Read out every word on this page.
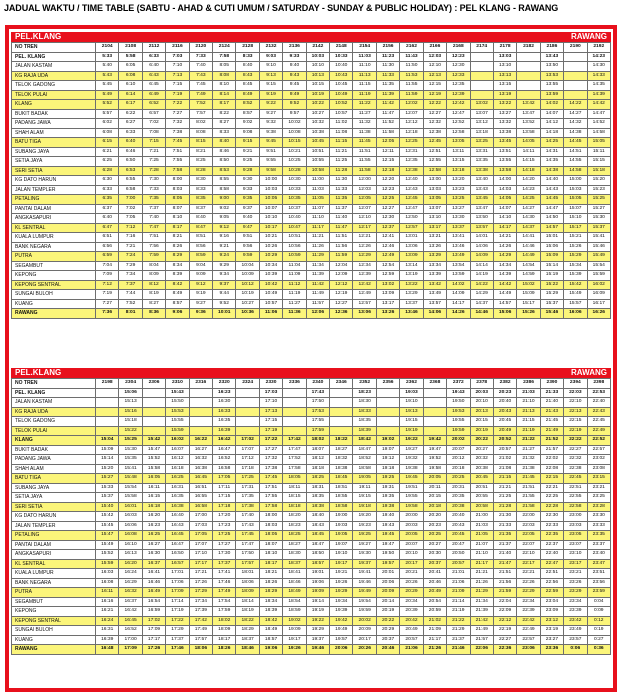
JADUAL WAKTU / TIME TABLE (SABTU - AHAD & CUTI UMUM / SATURDAY - SUNDAY & PUBLIC HOLIDAY) : PEL KLANG - RAWANG
PEL.KLANG	RAWANG
NO TREN	2104	2108	2112	2116	2120	2124	2128	2132	2136	2142	2148	2154	2156	2162	2166	2168	2174	2178	2182	2186	2190	2192
PEL. KLANG	5:33	5:58	6:33	7:03	7:33	7:58	8:33	9:03	9:33	10:03	10:33	11:03	11:23	11:43	12:03	12:23		13:03		13:43		14:23
JALAN KASTAM	5:40	6:05	6:40	7:10	7:40	8:05	8:40	9:10	9:40	10:10	10:40	11:10	11:30	11:50	12:10	12:30		13:10		13:50		14:30
KG RAJA UDA	5:43	6:08	6:43	7:13	7:43	8:08	8:43	9:13	9:43	10:13	10:43	11:13	11:33	11:53	12:13	12:33		13:13		13:53		14:33
TELOK GADONG	5:45	6:10	6:45	7:15	7:45	8:10	8:45	9:15	9:45	10:15	10:45	11:15	11:35	11:55	12:15	12:35		13:15		13:55		14:35
TELOK PULAI	5:49	6:14	6:49	7:19	7:49	8:14	8:49	9:19	9:49	10:19	10:49	11:19	11:39	11:59	12:19	12:39		13:19		13:59		14:39
KLANG	5:52	6:17	6:52	7:22	7:52	8:17	8:52	9:22	9:52	10:22	10:52	11:22	11:42	12:02	12:22	12:42	13:02	13:22	13:42	14:02	14:22	14:42
BUKIT BADAK	5:57	6:22	6:57	7:27	7:57	8:22	8:57	9:27	9:57	10:27	10:57	11:27	11:47	12:07	12:27	12:47	13:07	13:27	13:47	14:07	14:27	14:47
PADANG JAWA	6:02	6:27	7:02	7:32	8:02	8:27	9:02	9:32	10:02	10:32	11:02	11:32	11:52	12:12	12:32	12:52	13:12	13:32	13:52	14:12	14:32	14:52
SHAH ALAM	6:08	6:33	7:08	7:38	8:08	8:33	9:08	9:38	10:08	10:38	11:08	11:38	11:58	12:18	12:38	12:58	13:18	13:38	13:58	14:18	14:38	14:58
BATU TIGA	6:15	6:40	7:15	7:45	8:15	8:40	9:15	9:45	10:15	10:45	11:15	11:45	12:05	12:25	12:45	13:05	13:25	13:45	14:05	14:25	14:45	15:05
SUBANG JAYA	6:21	6:46	7:21	7:51	8:21	8:46	9:21	9:51	10:21	10:51	11:21	11:51	12:11	12:31	12:51	13:11	13:31	13:51	14:11	14:31	14:51	15:11
SETIA JAYA	6:25	6:50	7:25	7:55	8:25	8:50	9:25	9:55	10:25	10:55	11:25	11:55	12:15	12:35	12:55	13:15	13:35	13:55	14:15	14:35	14:55	15:15
SERI SETIA	6:28	6:53	7:28	7:58	8:28	8:53	9:28	9:58	10:28	10:58	11:28	11:58	12:18	12:38	12:58	13:18	13:38	13:58	14:18	14:38	14:58	15:18
KG DATO HARUN	6:30	6:55	7:30	8:00	8:30	8:55	9:30	10:00	10:30	11:00	11:30	12:00	12:20	12:40	13:00	13:20	13:40	14:00	14:20	14:40	15:00	15:20
JALAN TEMPLER	6:33	6:58	7:33	8:03	8:33	8:58	9:33	10:03	10:33	11:03	11:33	12:03	12:23	12:43	13:03	13:23	13:43	14:03	14:23	14:43	15:03	15:23
PETALING	6:35	7:00	7:35	8:05	8:35	9:00	9:35	10:05	10:35	11:05	11:35	12:05	12:25	12:45	13:05	13:25	13:45	14:05	14:25	14:45	15:05	15:25
PANTAI DALAM	6:37	7:02	7:37	8:07	8:37	9:02	9:37	10:07	10:37	11:07	11:37	12:07	12:27	12:47	13:07	13:27	13:47	14:07	14:27	14:47	15:07	15:27
ANGKASAPURI	6:40	7:05	7:40	8:10	8:40	9:05	9:40	10:10	10:40	11:10	11:40	12:10	12:30	12:50	13:10	13:30	13:50	14:10	14:30	14:50	15:10	15:30
KL SENTRAL	6:47	7:12	7:47	8:17	8:47	9:12	9:47	10:17	10:47	11:17	11:47	12:17	12:37	12:57	13:17	13:37	13:57	14:17	14:37	14:57	15:17	15:37
KUALA LUMPUR	6:51	7:16	7:51	8:21	8:51	9:16	9:51	10:21	10:51	11:21	11:51	12:21	12:41	13:01	13:21	13:41	14:01	14:21	14:41	15:01	15:21	15:41
BANK NEGARA	6:56	7:21	7:56	8:26	8:56	9:21	9:56	10:26	10:56	11:26	11:56	12:26	12:46	13:06	13:26	13:46	14:06	14:26	14:46	15:06	15:26	15:46
PUTRA	6:59	7:24	7:59	8:29	8:59	9:24	9:59	10:29	10:59	11:29	11:59	12:29	12:49	13:09	13:29	13:49	14:09	14:29	14:49	15:09	15:29	15:49
SEGAMBUT	7:04	7:29	8:04	8:34	9:04	9:29	10:04	10:34	11:04	11:34	12:04	12:34	12:54	13:14	13:34	13:54	14:14	14:34	14:54	15:14	15:34	15:54
KEPONG	7:09	7:34	8:09	8:39	9:09	9:34	10:09	10:39	11:09	11:39	12:09	12:39	12:59	13:19	13:39	13:59	14:19	14:39	14:59	15:19	15:39	15:59
KEPONG SENTRAL	7:12	7:37	8:12	8:42	9:12	9:37	10:12	10:42	11:12	11:42	12:12	12:42	13:02	13:22	13:42	14:02	14:22	14:42	15:02	15:22	15:42	16:02
SUNGAI BULOH	7:19	7:44	8:19	8:49	9:19	9:44	10:19	10:49	11:19	11:49	12:19	12:49	13:09	13:29	13:49	14:09	14:29	14:49	15:09	15:29	15:49	16:09
KUANG	7:27	7:52	8:27	8:57	9:27	9:52	10:27	10:57	11:27	11:57	12:27	12:57	13:17	13:37	13:57	14:17	14:37	14:57	15:17	15:37	15:57	16:17
RAWANG	7:36	8:01	8:36	9:06	9:36	10:01	10:36	11:06	11:36	12:06	12:36	13:06	13:26	13:46	14:06	14:26	14:46	15:06	15:26	15:46	16:06	16:26
PEL.KLANG	RAWANG
NO TREN	2198	2304	2306	2310	2316	2320	2324	2330	2336	2340	2346	2352	2356	2362	2368	2372	2378	2382	2386	2390	2394	2398
PEL. KLANG		15:06		15:43		16:23		17:03		17:43		18:23		19:03		19:43	20:03	20:23	21:03	21:33	22:03	22:53
JALAN KASTAM		15:13		15:50		16:30		17:10		17:50		18:30		19:10		19:50	20:10	20:40	21:10	21:40	22:10	22:40
KG RAJA UDA		15:16		15:53		16:33		17:13		17:53		18:33		19:13		19:53	20:13	20:43	21:13	21:43	22:13	22:43
TELOK GADONG		15:18		15:55		16:35		17:15		17:55		18:35		19:15		19:55	20:15	20:45	21:15	21:45	22:15	22:45
TELOK PULAI		15:22		15:59		16:39		17:19		17:59		18:39		19:19		19:59	20:19	20:49	21:19	21:49	22:19	22:49
KLANG	15:04	15:25	15:42	16:02	16:22	16:42	17:02	17:22	17:42	18:02	18:22	18:42	19:02	19:22	19:42	20:02	20:22	20:52	21:22	21:52	22:22	22:52
BUKIT BADAK	15:09	15:30	15:47	16:07	16:27	16:47	17:07	17:27	17:47	18:07	18:27	18:47	19:07	19:27	19:47	20:07	20:27	20:57	21:27	21:57	22:27	22:57
PADANG JAWA	15:14	15:35	15:52	16:12	16:32	16:52	17:12	17:32	17:52	18:12	18:32	18:52	19:12	19:32	19:52	20:12	20:32	21:02	21:32	22:02	22:32	23:02
SHAH ALAM	15:20	15:41	15:58	16:18	16:38	16:58	17:18	17:38	17:58	18:18	18:38	18:58	19:18	19:38	19:58	20:18	20:38	21:08	21:38	22:08	22:38	23:08
BATU TIGA	15:27	15:48	16:05	16:25	16:45	17:05	17:25	17:45	18:05	18:25	18:45	19:05	19:25	19:45	20:05	20:25	20:45	21:15	21:45	22:15	22:45	23:15
SUBANG JAYA	15:33	15:54	16:11	16:31	16:51	17:11	17:31	17:51	18:11	18:31	18:51	19:11	19:31	19:51	20:11	20:31	20:51	21:21	21:51	22:21	22:51	23:21
SETIA JAYA	15:37	15:58	16:15	16:35	16:55	17:15	17:35	17:55	18:15	18:35	18:55	19:15	19:35	19:55	20:15	20:35	20:55	21:25	21:55	22:25	22:55	23:25
SERI SETIA	15:40	16:01	16:18	16:38	16:58	17:18	17:38	17:58	18:18	18:38	18:58	19:18	19:38	19:58	20:18	20:38	20:58	21:28	21:58	22:28	22:58	23:28
KG DATO HARUN	15:42	16:03	16:20	16:40	17:00	17:20	17:40	18:00	18:20	18:40	19:00	19:20	19:40	20:00	20:20	20:40	21:00	21:30	22:00	22:30	23:00	23:30
JALAN TEMPLER	15:45	16:06	16:23	16:43	17:03	17:23	17:43	18:03	18:23	18:43	19:03	19:23	19:43	20:03	20:23	20:43	21:03	21:33	22:03	22:33	23:03	23:33
PETALING	15:47	16:08	16:25	16:45	17:05	17:25	17:45	18:05	18:25	18:45	19:05	19:25	19:45	20:05	20:25	20:45	21:05	21:35	22:05	22:35	23:05	23:35
PANTAI DALAM	15:49	16:10	16:27	16:47	17:07	17:27	17:47	18:07	18:27	18:47	19:07	19:27	19:47	20:07	20:27	20:47	21:07	21:37	22:07	22:37	23:07	23:37
ANGKASAPURI	15:52	16:13	16:30	16:50	17:10	17:30	17:50	18:10	18:30	18:50	19:10	19:30	19:50	20:10	20:30	20:50	21:10	21:40	22:10	22:40	23:10	23:40
KL SENTRAL	15:59	16:20	16:37	16:57	17:17	17:37	17:57	18:17	18:37	18:57	19:17	19:37	19:57	20:17	20:37	20:57	21:17	21:47	22:17	22:47	23:17	23:47
KUALA LUMPUR	16:03	16:24	16:41	17:01	17:21	17:41	18:01	18:21	18:41	19:01	19:21	19:41	20:01	20:21	20:41	21:01	21:21	21:51	22:21	22:51	23:21	23:51
BANK NEGARA	16:08	16:29	16:46	17:06	17:26	17:46	18:06	18:26	18:46	19:06	19:26	19:46	20:06	20:26	20:46	21:06	21:26	21:56	22:26	22:56	23:26	23:56
PUTRA	16:11	16:32	16:49	17:09	17:29	17:49	18:09	18:29	18:49	19:09	19:29	19:49	20:09	20:29	20:49	21:09	21:29	21:59	22:29	22:59	23:29	23:59
SEGAMBUT	16:16	16:37	16:54	17:14	17:34	17:54	18:14	18:34	18:54	19:14	19:34	19:54	20:14	20:34	20:54	21:14	21:34	22:04	22:34	23:04	23:34	0:04
KEPONG	16:21	16:42	16:59	17:19	17:39	17:59	18:19	18:39	18:59	19:19	19:39	19:59	20:19	20:39	20:59	21:19	21:39	22:09	22:39	23:09	23:39	0:09
KEPONG SENTRAL	16:24	16:45	17:02	17:22	17:42	18:02	18:22	18:42	19:02	19:22	19:42	20:02	20:22	20:42	21:02	21:22	21:42	22:12	22:42	23:12	23:42	0:12
SUNGAI BULOH	16:31	16:52	17:09	17:29	17:49	18:09	18:29	18:49	19:09	19:29	19:49	20:09	20:29	20:49	21:09	21:29	21:49	22:19	22:49	23:19	23:49	0:19
KUANG	16:39	17:00	17:17	17:37	17:57	18:17	18:37	18:57	19:17	19:37	19:57	20:17	20:37	20:57	21:17	21:37	21:57	22:27	22:57	23:27	23:57	0:27
RAWANG	16:48	17:09	17:26	17:46	18:06	18:26	18:46	19:06	19:26	19:46	20:06	20:26	20:46	21:06	21:26	21:46	22:06	22:36	23:06	23:36	0:06	0:36
